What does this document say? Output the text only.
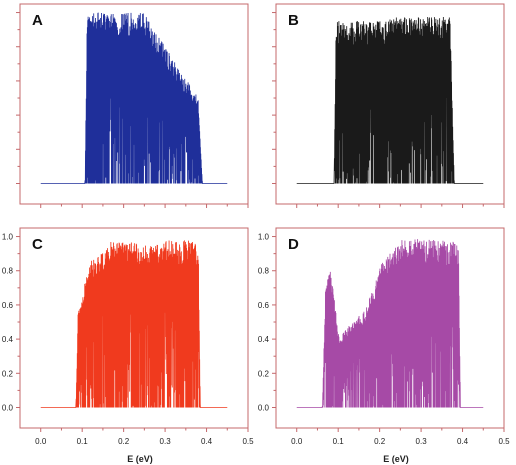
A	B
0.0	0.1	0.2	0.3	0.4	0.5
0.0
0.2
0.4
0.6
0.8
1.0 C
0.0	0.1	0.2	0.3	0.4	0.5
0.0
0.2
0.4
0.6
0.8
1.0 D
E (eV)	E (eV)
